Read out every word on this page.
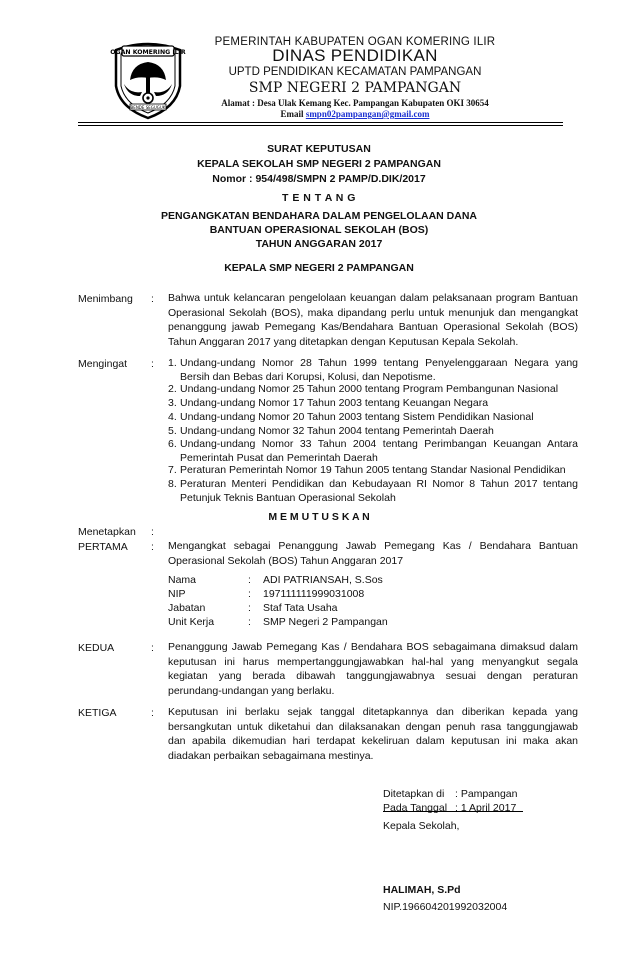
OGAN KOMERING ILIR
BENDE SEGUGUK
PEMERINTAH KABUPATEN OGAN KOMERING ILIR
DINAS PENDIDIKAN
UPTD PENDIDIKAN KECAMATAN PAMPANGAN
SMP NEGERI 2 PAMPANGAN
Alamat : Desa Ulak Kemang Kec. Pampangan Kabupaten OKI 30654
Email smpn02pampangan@gmail.com
SURAT KEPUTUSAN
KEPALA SEKOLAH SMP NEGERI 2 PAMPANGAN
Nomor : 954/498/SMPN 2 PAMP/D.DIK/2017
T E N T A N G
PENGANGKATAN BENDAHARA DALAM PENGELOLAAN DANA
BANTUAN OPERASIONAL SEKOLAH (BOS)
TAHUN ANGGARAN 2017
KEPALA SMP NEGERI 2 PAMPANGAN
Menimbang : Bahwa untuk kelancaran pengelolaan keuangan dalam pelaksanaan program Bantuan
Operasional Sekolah (BOS), maka dipandang perlu untuk menunjuk dan mengangkat
penanggung jawab Pemegang Kas/Bendahara Bantuan Operasional Sekolah (BOS)
Tahun Anggaran 2017 yang ditetapkan dengan Keputusan Kepala Sekolah.
Mengingat : 1. Undang-undang Nomor 28 Tahun 1999 tentang Penyelenggaraan Negara yang
Bersih dan Bebas dari Korupsi, Kolusi, dan Nepotisme.
2. Undang-undang Nomor 25 Tahun 2000 tentang Program Pembangunan Nasional
3. Undang-undang Nomor 17 Tahun 2003 tentang Keuangan Negara
4. Undang-undang Nomor 20 Tahun 2003 tentang Sistem Pendidikan Nasional
5. Undang-undang Nomor 32 Tahun 2004 tentang Pemerintah Daerah
6. Undang-undang Nomor 33 Tahun 2004 tentang Perimbangan Keuangan Antara
Pemerintah Pusat dan Pemerintah Daerah
7. Peraturan Pemerintah Nomor 19 Tahun 2005 tentang Standar Nasional Pendidikan
8. Peraturan Menteri Pendidikan dan Kebudayaan RI Nomor 8 Tahun 2017 tentang
Petunjuk Teknis Bantuan Operasional Sekolah
M E M U T U S K A N
Menetapkan :
PERTAMA : Mengangkat sebagai Penanggung Jawab Pemegang Kas / Bendahara Bantuan
Operasional Sekolah (BOS) Tahun Anggaran 2017
Nama	: ADI PATRIANSAH, S.Sos
NIP	: 197111111999031008
Jabatan	: Staf Tata Usaha
Unit Kerja	: SMP Negeri 2 Pampangan
KEDUA	: Penanggung Jawab Pemegang Kas / Bendahara BOS sebagaimana dimaksud dalam
keputusan ini harus mempertanggungjawabkan hal-hal yang menyangkut segala
kegiatan yang berada dibawah tanggungjawabnya sesuai dengan peraturan
perundang-undangan yang berlaku.
KETIGA	: Keputusan ini berlaku sejak tanggal ditetapkannya dan diberikan kepada yang
bersangkutan untuk diketahui dan dilaksanakan dengan penuh rasa tanggungjawab
dan apabila dikemudian hari terdapat kekeliruan dalam keputusan ini maka akan
diadakan perbaikan sebagaimana mestinya.
Ditetapkan di : Pampangan
Pada Tanggal : 1 April 2017
Kepala Sekolah,
HALIMAH, S.Pd
NIP.196604201992032004
